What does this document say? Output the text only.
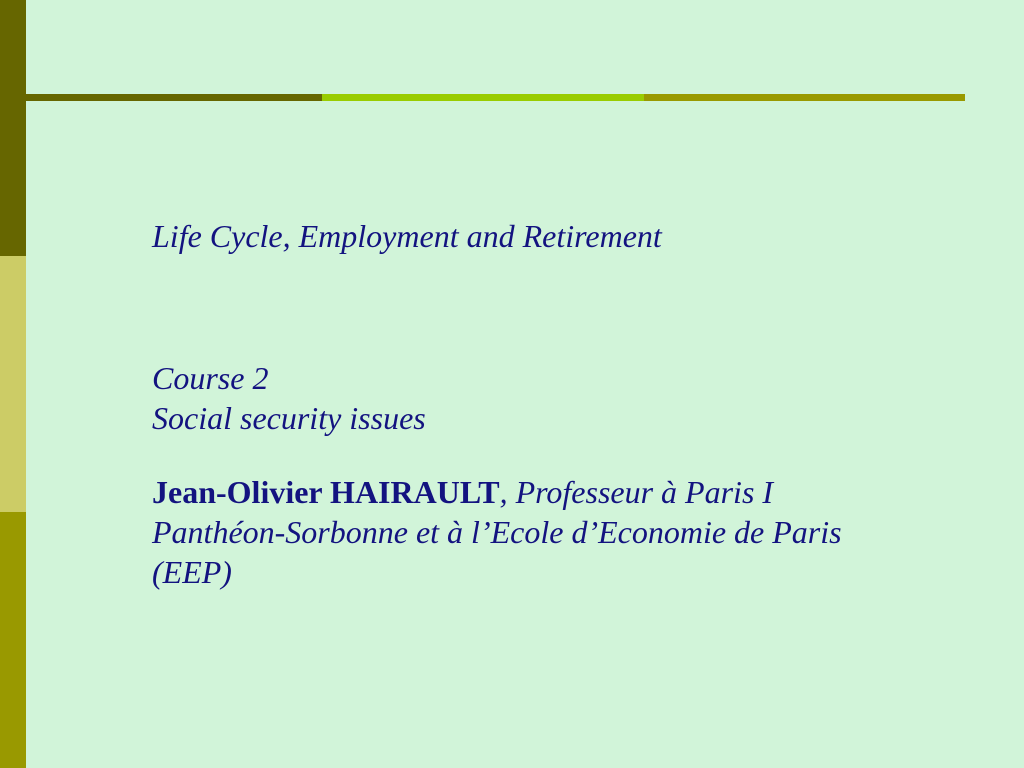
Life Cycle, Employment and Retirement

Course 2

Social security issues

Jean-Olivier HAIRAULT, Professeur à Paris I Panthéon-Sorbonne et à l’Ecole d’Economie de Paris (EEP)
